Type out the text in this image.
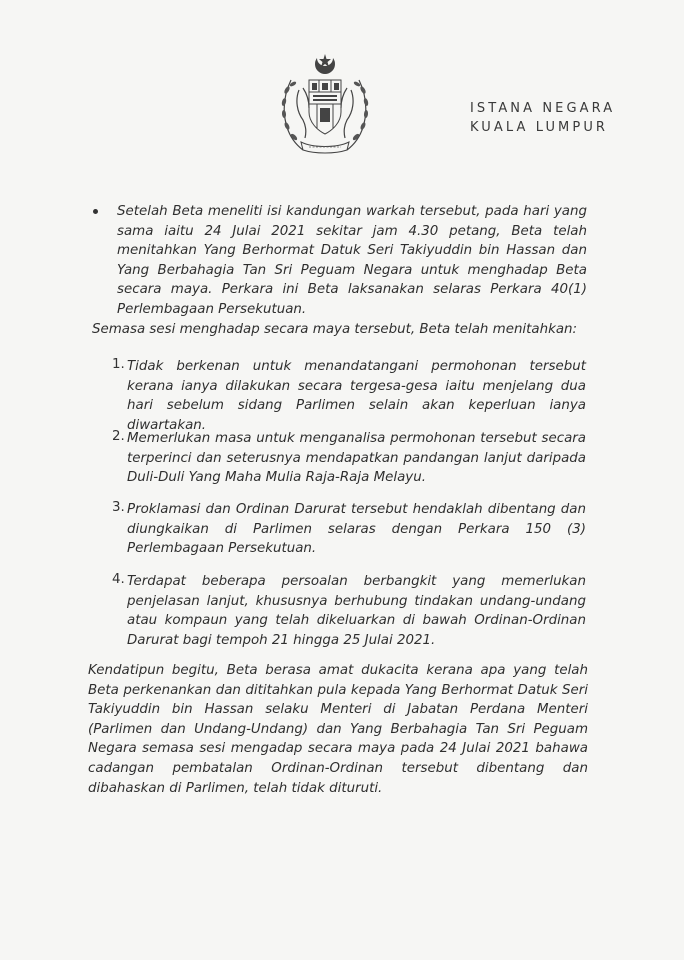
ISTANA NEGARA
KUALA LUMPUR
Setelah Beta meneliti isi kandungan warkah tersebut, pada hari yang sama iaitu 24 Julai 2021 sekitar jam 4.30 petang, Beta telah menitahkan Yang Berhormat Datuk Seri Takiyuddin bin Hassan dan Yang Berbahagia Tan Sri Peguam Negara untuk menghadap Beta secara maya. Perkara ini Beta laksanakan selaras Perkara 40(1) Perlembagaan Persekutuan.
Semasa sesi menghadap secara maya tersebut, Beta telah menitahkan:
1. Tidak berkenan untuk menandatangani permohonan tersebut kerana ianya dilakukan secara tergesa-gesa iaitu menjelang dua hari sebelum sidang Parlimen selain akan keperluan ianya diwartakan.
2. Memerlukan masa untuk menganalisa permohonan tersebut secara terperinci dan seterusnya mendapatkan pandangan lanjut daripada Duli-Duli Yang Maha Mulia Raja-Raja Melayu.
3. Proklamasi dan Ordinan Darurat tersebut hendaklah dibentang dan diungkaikan di Parlimen selaras dengan Perkara 150 (3) Perlembagaan Persekutuan.
4. Terdapat beberapa persoalan berbangkit yang memerlukan penjelasan lanjut, khususnya berhubung tindakan undang-undang atau kompaun yang telah dikeluarkan di bawah Ordinan-Ordinan Darurat bagi tempoh 21 hingga 25 Julai 2021.
Kendatipun begitu, Beta berasa amat dukacita kerana apa yang telah Beta perkenankan dan dititahkan pula kepada Yang Berhormat Datuk Seri Takiyuddin bin Hassan selaku Menteri di Jabatan Perdana Menteri (Parlimen dan Undang-Undang) dan Yang Berbahagia Tan Sri Peguam Negara semasa sesi mengadap secara maya pada 24 Julai 2021 bahawa cadangan pembatalan Ordinan-Ordinan tersebut dibentang dan dibahaskan di Parlimen, telah tidak dituruti.
